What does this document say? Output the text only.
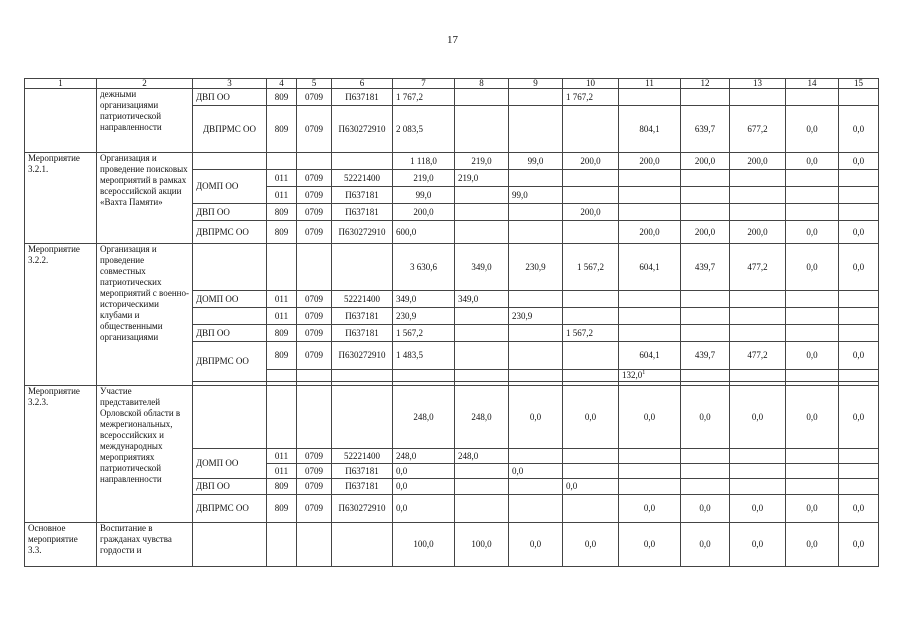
17
1	2	3	4	5	6	7	8	9	10	11	12	13	14	15
	дежными организациями патриотической направленности	ДВП ОО	809	0709	П637181	1 767,2			1 767,2					
		ДВПРМС ОО	809	0709	П630272910	2 083,5				804,1	639,7	677,2	0,0	0,0
Мероприятие 3.2.1.	Организация и проведение поисковых мероприятий в рамках всероссийской акции «Вахта Памяти»					1 118,0	219,0	99,0	200,0	200,0	200,0	200,0	0,0	0,0
		ДОМП ОО	011	0709	52221400	219,0	219,0							
			011	0709	П637181	99,0		99,0						
		ДВП ОО	809	0709	П637181	200,0			200,0					
		ДВПРМС ОО	809	0709	П630272910	600,0				200,0	200,0	200,0	0,0	0,0
Мероприятие 3.2.2.	Организация и проведение совместных патриотических мероприятий с военно-историческими клубами и общественными организациями					3 630,6	349,0	230,9	1 567,2	604,1	439,7	477,2	0,0	0,0
		ДОМП ОО	011	0709	52221400	349,0	349,0							
			011	0709	П637181	230,9		230,9						
		ДВП ОО	809	0709	П637181	1 567,2			1 567,2					
		ДВПРМС ОО	809	0709	П630272910	1 483,5				604,1	439,7	477,2	0,0	0,0
										132,0$^1$				

Мероприятие 3.2.3.	Участие представителей Орловской области в межрегиональных, всероссийских и международных мероприятиях патриотической направленности					248,0	248,0	0,0	0,0	0,0	0,0	0,0	0,0	0,0
		ДОМП ОО	011	0709	52221400	248,0	248,0							
			011	0709	П637181	0,0		0,0						
		ДВП ОО	809	0709	П637181	0,0			0,0					
		ДВПРМС ОО	809	0709	П630272910	0,0				0,0	0,0	0,0	0,0	0,0
Основное мероприятие 3.3.	Воспитание в гражданах чувства гордости и					100,0	100,0	0,0	0,0	0,0	0,0	0,0	0,0	0,0
